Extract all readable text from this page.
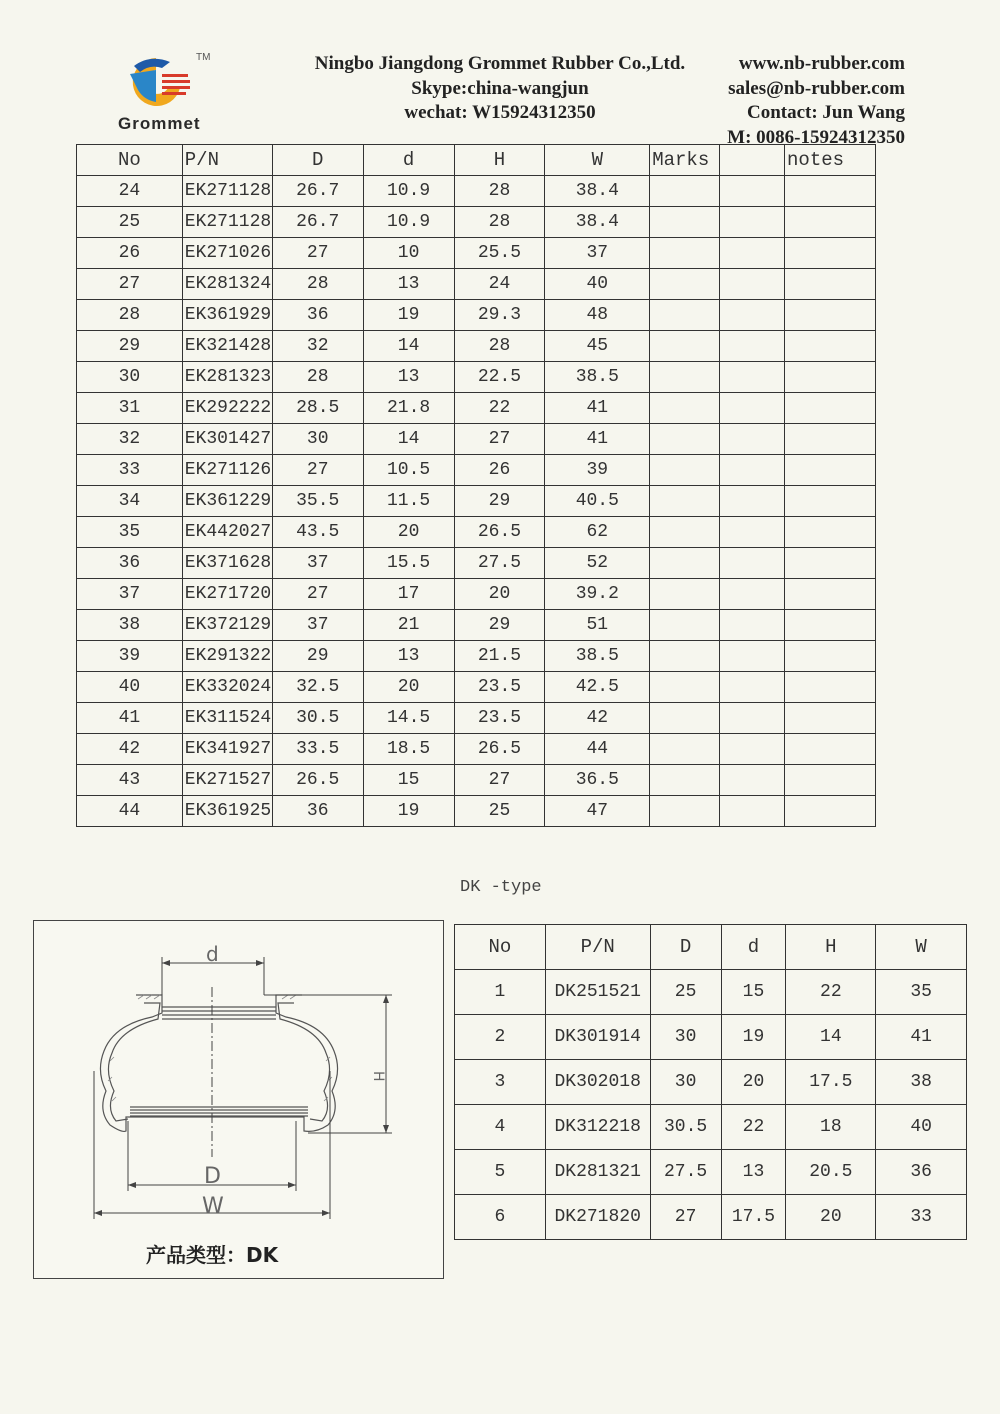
TM
Grommet
Ningbo Jiangdong Grommet Rubber Co.,Ltd.
Skype:china-wangjun
wechat: W15924312350
www.nb-rubber.com
sales@nb-rubber.com
Contact: Jun Wang
M: 0086-15924312350
No	P/N	D	d	H	W	Marks		notes
24	EK271128	26.7	10.9	28	38.4			
25	EK271128	26.7	10.9	28	38.4			
26	EK271026	27	10	25.5	37			
27	EK281324	28	13	24	40			
28	EK361929	36	19	29.3	48			
29	EK321428	32	14	28	45			
30	EK281323	28	13	22.5	38.5			
31	EK292222	28.5	21.8	22	41			
32	EK301427	30	14	27	41			
33	EK271126	27	10.5	26	39			
34	EK361229	35.5	11.5	29	40.5			
35	EK442027	43.5	20	26.5	62			
36	EK371628	37	15.5	27.5	52			
37	EK271720	27	17	20	39.2			
38	EK372129	37	21	29	51			
39	EK291322	29	13	21.5	38.5			
40	EK332024	32.5	20	23.5	42.5			
41	EK311524	30.5	14.5	23.5	42			
42	EK341927	33.5	18.5	26.5	44			
43	EK271527	26.5	15	27	36.5			
44	EK361925	36	19	25	47			
DK -type
d
D
W
H
产品类型：DK
No	P/N	D	d	H	W
1	DK251521	25	15	22	35
2	DK301914	30	19	14	41
3	DK302018	30	20	17.5	38
4	DK312218	30.5	22	18	40
5	DK281321	27.5	13	20.5	36
6	DK271820	27	17.5	20	33
